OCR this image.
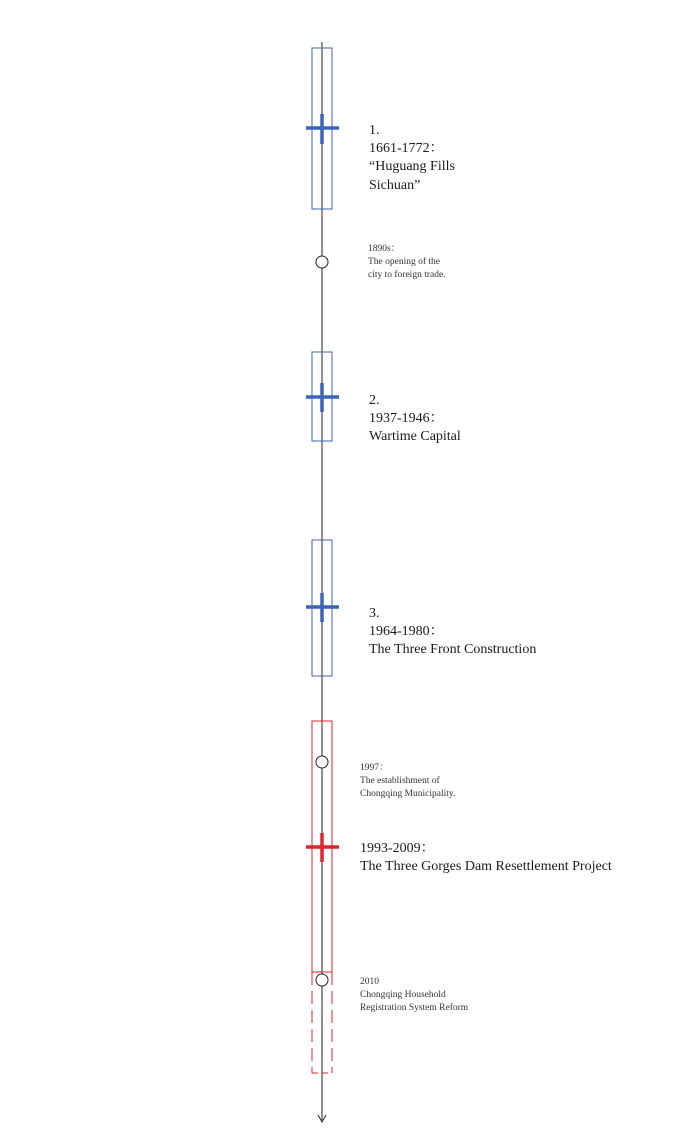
1.
1661-1772：
“Huguang Fills
Sichuan”
1890s：
The opening of the
city to foreign trade.
2.
1937-1946：
Wartime Capital
3.
1964-1980：
The Three Front Construction
1997：
The establishment of
Chongqing Municipality.
1993-2009：
The Three Gorges Dam Resettlement Project
2010
Chongqing Household
Registration System Reform
